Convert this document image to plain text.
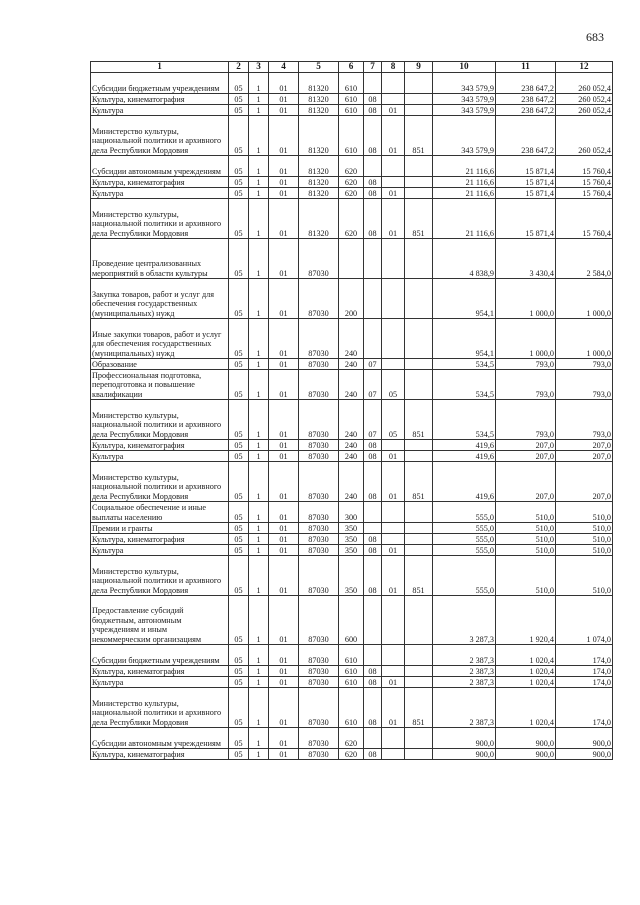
683
1	2	3	4	5	6	7	8	9	10	11	12
Субсидии бюджетным учреждениям	05	1	01	81320	610				343 579,9	238 647,2	260 052,4
Культура, кинематография	05	1	01	81320	610	08			343 579,9	238 647,2	260 052,4
Культура	05	1	01	81320	610	08	01		343 579,9	238 647,2	260 052,4
Министерство культуры, национальной политики и архивного дела Республики Мордовия	05	1	01	81320	610	08	01	851	343 579,9	238 647,2	260 052,4
Субсидии автономным учреждениям	05	1	01	81320	620				21 116,6	15 871,4	15 760,4
Культура, кинематография	05	1	01	81320	620	08			21 116,6	15 871,4	15 760,4
Культура	05	1	01	81320	620	08	01		21 116,6	15 871,4	15 760,4
Министерство культуры, национальной политики и архивного дела Республики Мордовия	05	1	01	81320	620	08	01	851	21 116,6	15 871,4	15 760,4
Проведение централизованных мероприятий в области культуры	05	1	01	87030					4 838,9	3 430,4	2 584,0
Закупка товаров, работ и услуг для обеспечения государственных (муниципальных) нужд	05	1	01	87030	200				954,1	1 000,0	1 000,0
Иные закупки товаров, работ и услуг для обеспечения государственных (муниципальных) нужд	05	1	01	87030	240				954,1	1 000,0	1 000,0
Образование	05	1	01	87030	240	07			534,5	793,0	793,0
Профессиональная подготовка, переподготовка и повышение квалификации	05	1	01	87030	240	07	05		534,5	793,0	793,0
Министерство культуры, национальной политики и архивного дела Республики Мордовия	05	1	01	87030	240	07	05	851	534,5	793,0	793,0
Культура, кинематография	05	1	01	87030	240	08			419,6	207,0	207,0
Культура	05	1	01	87030	240	08	01		419,6	207,0	207,0
Министерство культуры, национальной политики и архивного дела Республики Мордовия	05	1	01	87030	240	08	01	851	419,6	207,0	207,0
Социальное обеспечение и иные выплаты населению	05	1	01	87030	300				555,0	510,0	510,0
Премии и гранты	05	1	01	87030	350				555,0	510,0	510,0
Культура, кинематография	05	1	01	87030	350	08			555,0	510,0	510,0
Культура	05	1	01	87030	350	08	01		555,0	510,0	510,0
Министерство культуры, национальной политики и архивного дела Республики Мордовия	05	1	01	87030	350	08	01	851	555,0	510,0	510,0
Предоставление субсидий бюджетным, автономным учреждениям и иным некоммерческим организациям	05	1	01	87030	600				3 287,3	1 920,4	1 074,0
Субсидии бюджетным учреждениям	05	1	01	87030	610				2 387,3	1 020,4	174,0
Культура, кинематография	05	1	01	87030	610	08			2 387,3	1 020,4	174,0
Культура	05	1	01	87030	610	08	01		2 387,3	1 020,4	174,0
Министерство культуры, национальной политики и архивного дела Республики Мордовия	05	1	01	87030	610	08	01	851	2 387,3	1 020,4	174,0
Субсидии автономным учреждениям	05	1	01	87030	620				900,0	900,0	900,0
Культура, кинематография	05	1	01	87030	620	08			900,0	900,0	900,0
